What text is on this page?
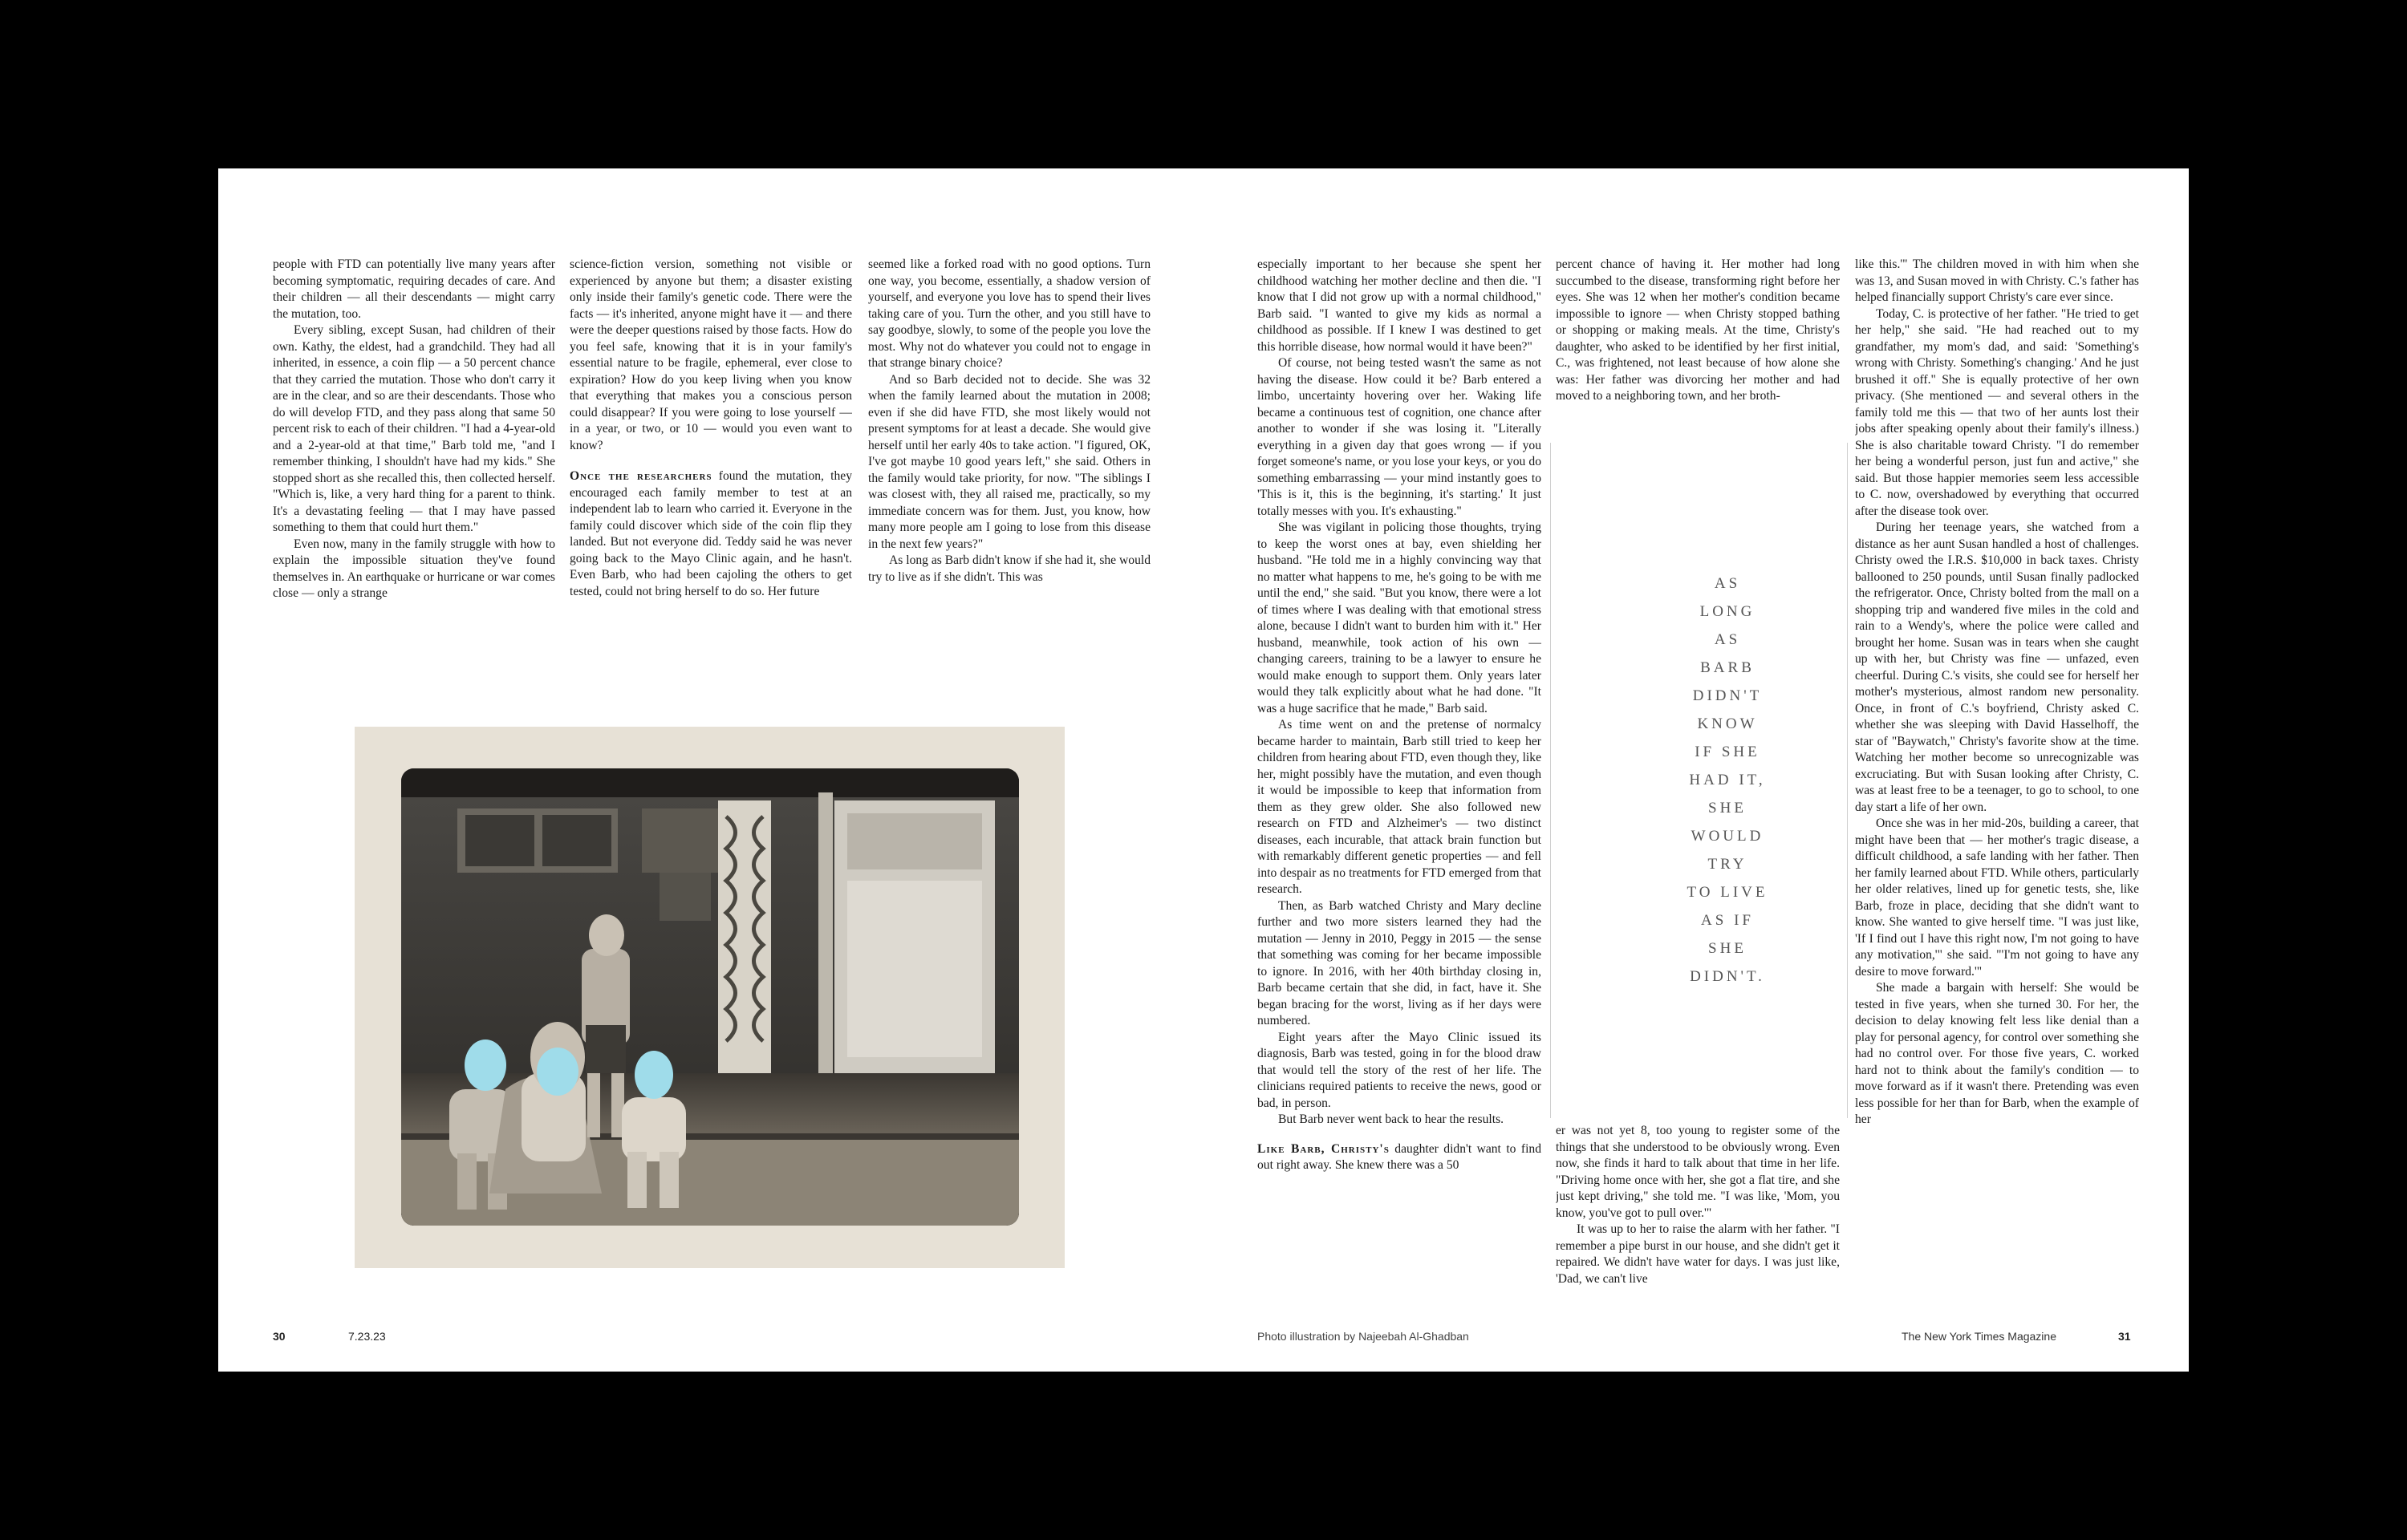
people with FTD can potentially live many years after becoming symptomatic, requiring decades of care. And their children — all their descendants — might carry the mutation, too.

Every sibling, except Susan, had children of their own. Kathy, the eldest, had a grandchild. They had all inherited, in essence, a coin flip — a 50 percent chance that they carried the mutation. Those who don't carry it are in the clear, and so are their descendants. Those who do will develop FTD, and they pass along that same 50 percent risk to each of their children. "I had a 4-year-old and a 2-year-old at that time," Barb told me, "and I remember thinking, I shouldn't have had my kids." She stopped short as she recalled this, then collected herself. "Which is, like, a very hard thing for a parent to think. It's a devastating feeling — that I may have passed something to them that could hurt them."

Even now, many in the family struggle with how to explain the impossible situation they've found themselves in. An earthquake or hurricane or war comes close — only a strange

science-fiction version, something not visible or experienced by anyone but them; a disaster existing only inside their family's genetic code. There were the facts — it's inherited, anyone might have it — and there were the deeper questions raised by those facts. How do you feel safe, knowing that it is in your family's essential nature to be fragile, ephemeral, ever close to expiration? How do you keep living when you know that everything that makes you a conscious person could disappear? If you were going to lose yourself — in a year, or two, or 10 — would you even want to know?

Once the researchers found the mutation, they encouraged each family member to test at an independent lab to learn who carried it. Everyone in the family could discover which side of the coin flip they landed. But not everyone did. Teddy said he was never going back to the Mayo Clinic again, and he hasn't. Even Barb, who had been cajoling the others to get tested, could not bring herself to do so. Her future

seemed like a forked road with no good options. Turn one way, you become, essentially, a shadow version of yourself, and everyone you love has to spend their lives taking care of you. Turn the other, and you still have to say goodbye, slowly, to some of the people you love the most. Why not do whatever you could not to engage in that strange binary choice?

And so Barb decided not to decide. She was 32 when the family learned about the mutation in 2008; even if she did have FTD, she most likely would not present symptoms for at least a decade. She would give herself until her early 40s to take action. "I figured, OK, I've got maybe 10 good years left," she said. Others in the family would take priority, for now. "The siblings I was closest with, they all raised me, practically, so my immediate concern was for them. Just, you know, how many more people am I going to lose from this disease in the next few years?"

As long as Barb didn't know if she had it, she would try to live as if she didn't. This was

30	7.23.23

especially important to her because she spent her childhood watching her mother decline and then die. "I know that I did not grow up with a normal childhood," Barb said. "I wanted to give my kids as normal a childhood as possible. If I knew I was destined to get this horrible disease, how normal would it have been?"

Of course, not being tested wasn't the same as not having the disease. How could it be? Barb entered a limbo, uncertainty hovering over her. Waking life became a continuous test of cognition, one chance after another to wonder if she was losing it. "Literally everything in a given day that goes wrong — if you forget someone's name, or you lose your keys, or you do something embarrassing — your mind instantly goes to 'This is it, this is the beginning, it's starting.' It just totally messes with you. It's exhausting."

She was vigilant in policing those thoughts, trying to keep the worst ones at bay, even shielding her husband. "He told me in a highly convincing way that no matter what happens to me, he's going to be with me until the end," she said. "But you know, there were a lot of times where I was dealing with that emotional stress alone, because I didn't want to burden him with it." Her husband, meanwhile, took action of his own — changing careers, training to be a lawyer to ensure he would make enough to support them. Only years later would they talk explicitly about what he had done. "It was a huge sacrifice that he made," Barb said.

As time went on and the pretense of normalcy became harder to maintain, Barb still tried to keep her children from hearing about FTD, even though they, like her, might possibly have the mutation, and even though it would be impossible to keep that information from them as they grew older. She also followed new research on FTD and Alzheimer's — two distinct diseases, each incurable, that attack brain function but with remarkably different genetic properties — and fell into despair as no treatments for FTD emerged from that research.

Then, as Barb watched Christy and Mary decline further and two more sisters learned they had the mutation — Jenny in 2010, Peggy in 2015 — the sense that something was coming for her became impossible to ignore. In 2016, with her 40th birthday closing in, Barb became certain that she did, in fact, have it. She began bracing for the worst, living as if her days were numbered.

Eight years after the Mayo Clinic issued its diagnosis, Barb was tested, going in for the blood draw that would tell the story of the rest of her life. The clinicians required patients to receive the news, good or bad, in person.

But Barb never went back to hear the results.

Like Barb, Christy's daughter didn't want to find out right away. She knew there was a 50

percent chance of having it. Her mother had long succumbed to the disease, transforming right before her eyes. She was 12 when her mother's condition became impossible to ignore — when Christy stopped bathing or shopping or making meals. At the time, Christy's daughter, who asked to be identified by her first initial, C., was frightened, not least because of how alone she was: Her father was divorcing her mother and had moved to a neighboring town, and her broth-

AS
LONG
AS
BARB
DIDN'T
KNOW
IF SHE
HAD IT,
SHE
WOULD
TRY
TO LIVE
AS IF
SHE
DIDN'T.

er was not yet 8, too young to register some of the things that she understood to be obviously wrong. Even now, she finds it hard to talk about that time in her life. "Driving home once with her, she got a flat tire, and she just kept driving," she told me. "I was like, 'Mom, you know, you've got to pull over.'"

It was up to her to raise the alarm with her father. "I remember a pipe burst in our house, and she didn't get it repaired. We didn't have water for days. I was just like, 'Dad, we can't live

like this.'" The children moved in with him when she was 13, and Susan moved in with Christy. C.'s father has helped financially support Christy's care ever since.

Today, C. is protective of her father. "He tried to get her help," she said. "He had reached out to my grandfather, my mom's dad, and said: 'Something's wrong with Christy. Something's changing.' And he just brushed it off." She is equally protective of her own privacy. (She mentioned — and several others in the family told me this — that two of her aunts lost their jobs after speaking openly about their family's illness.) She is also charitable toward Christy. "I do remember her being a wonderful person, just fun and active," she said. But those happier memories seem less accessible to C. now, overshadowed by everything that occurred after the disease took over.

During her teenage years, she watched from a distance as her aunt Susan handled a host of challenges. Christy owed the I.R.S. $10,000 in back taxes. Christy ballooned to 250 pounds, until Susan finally padlocked the refrigerator. Once, Christy bolted from the mall on a shopping trip and wandered five miles in the cold and rain to a Wendy's, where the police were called and brought her home. Susan was in tears when she caught up with her, but Christy was fine — unfazed, even cheerful. During C.'s visits, she could see for herself her mother's mysterious, almost random new personality. Once, in front of C.'s boyfriend, Christy asked C. whether she was sleeping with David Hasselhoff, the star of "Baywatch," Christy's favorite show at the time. Watching her mother become so unrecognizable was excruciating. But with Susan looking after Christy, C. was at least free to be a teenager, to go to school, to one day start a life of her own.

Once she was in her mid-20s, building a career, that might have been that — her mother's tragic disease, a difficult childhood, a safe landing with her father. Then her family learned about FTD. While others, particularly her older relatives, lined up for genetic tests, she, like Barb, froze in place, deciding that she didn't want to know. She wanted to give herself time. "I was just like, 'If I find out I have this right now, I'm not going to have any motivation,'" she said. "'I'm not going to have any desire to move forward.'"

She made a bargain with herself: She would be tested in five years, when she turned 30. For her, the decision to delay knowing felt less like denial than a play for personal agency, for control over something she had no control over. For those five years, C. worked hard not to think about the family's condition — to move forward as if it wasn't there. Pretending was even less possible for her than for Barb, when the example of her

Photo illustration by Najeebah Al-Ghadban	The New York Times Magazine	31
